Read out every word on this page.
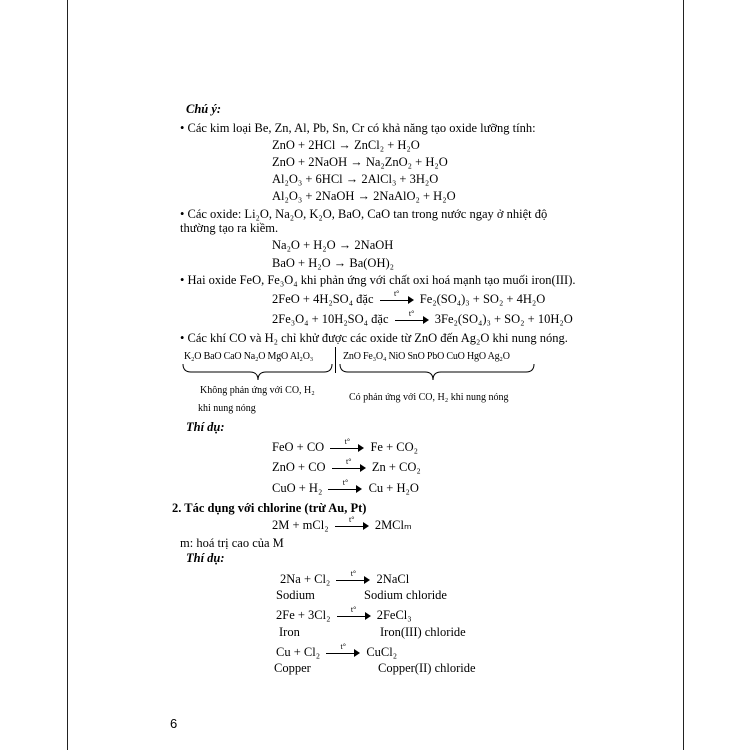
Chú ý:
• Các kim loại Be, Zn, Al, Pb, Sn, Cr có khả năng tạo oxide lưỡng tính:
ZnO + 2HCl → ZnCl₂ + H₂O
ZnO + 2NaOH → Na₂ZnO₂ + H₂O
Al₂O₃ + 6HCl → 2AlCl₃ + 3H₂O
Al₂O₃ + 2NaOH → 2NaAlO₂ + H₂O
• Các oxide: Li₂O, Na₂O, K₂O, BaO, CaO tan trong nước ngay ở nhiệt độ
thường tạo ra kiềm.
Na₂O + H₂O → 2NaOH
BaO + H₂O → Ba(OH)₂
• Hai oxide FeO, Fe₃O₄ khi phản ứng với chất oxi hoá mạnh tạo muối iron(III).
2FeO + 4H₂SO₄ đặc	t°	Fe₂(SO₄)₃ + SO₂ + 4H₂O
2Fe₃O₄ + 10H₂SO₄ đặc	t°	3Fe₂(SO₄)₃ + SO₂ + 10H₂O
• Các khí CO và H₂ chỉ khử được các oxide từ ZnO đến Ag₂O khi nung nóng.
K₂O BaO CaO Na₂O MgO Al₂O₃	ZnO Fe₃O₄ NiO SnO PbO CuO HgO Ag₂O
Không phản ứng với CO, H₂
khi nung nóng
Có phản ứng với CO, H₂ khi nung nóng
Thí dụ:
FeO + CO	t°	Fe + CO₂
ZnO + CO	t°	Zn + CO₂
CuO + H₂	t°	Cu + H₂O
2. Tác dụng với chlorine (trừ Au, Pt)
2M + mCl₂	t°	2MClₘ
m: hoá trị cao của M
Thí dụ:
2Na + Cl₂	t°	2NaCl
Sodium	Sodium chloride
2Fe + 3Cl₂	t°	2FeCl₃
Iron	Iron(III) chloride
Cu + Cl₂	t°	CuCl₂
Copper	Copper(II) chloride
6
